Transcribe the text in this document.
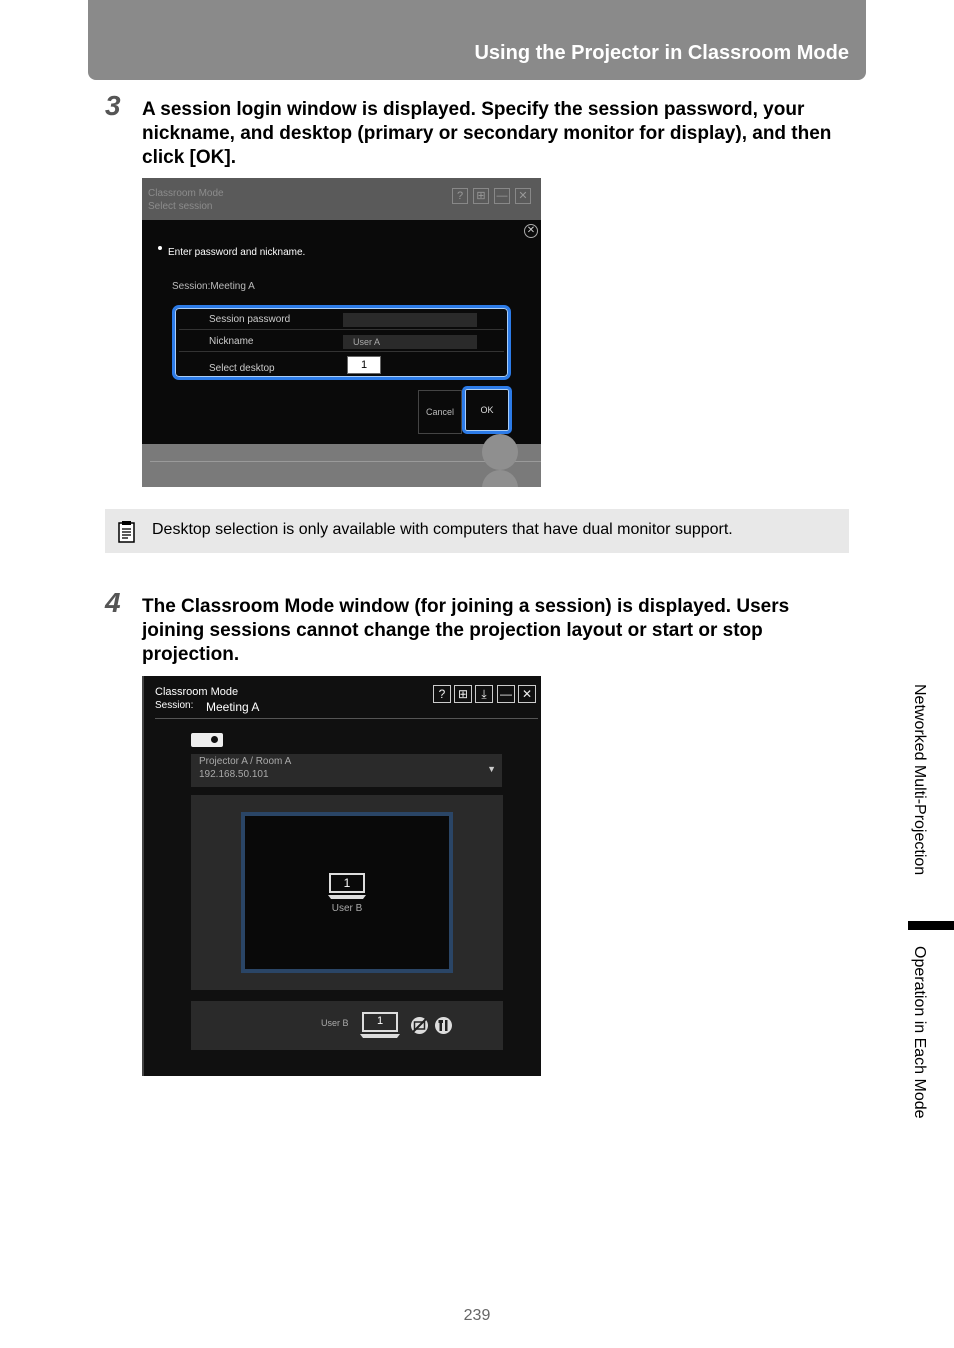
Using the Projector in Classroom Mode
3 A session login window is displayed. Specify the session password, your nickname, and desktop (primary or secondary monitor for display), and then click [OK].
Classroom Mode
Select session
?	⊞ — ✕
✕
Enter password and nickname.
Session:Meeting A
Session password
Nickname	User A
Select desktop	1
Cancel	OK
Desktop selection is only available with computers that have dual monitor support.
4 The Classroom Mode window (for joining a session) is displayed. Users joining sessions cannot change the projection layout or start or stop projection.
Classroom Mode
Session: Meeting A
?	⊞	⤓	— ✕
Projector A / Room A
192.168.50.101	▼
1
User B
User B	1
Networked Multi-Projection
Operation in Each Mode
239
